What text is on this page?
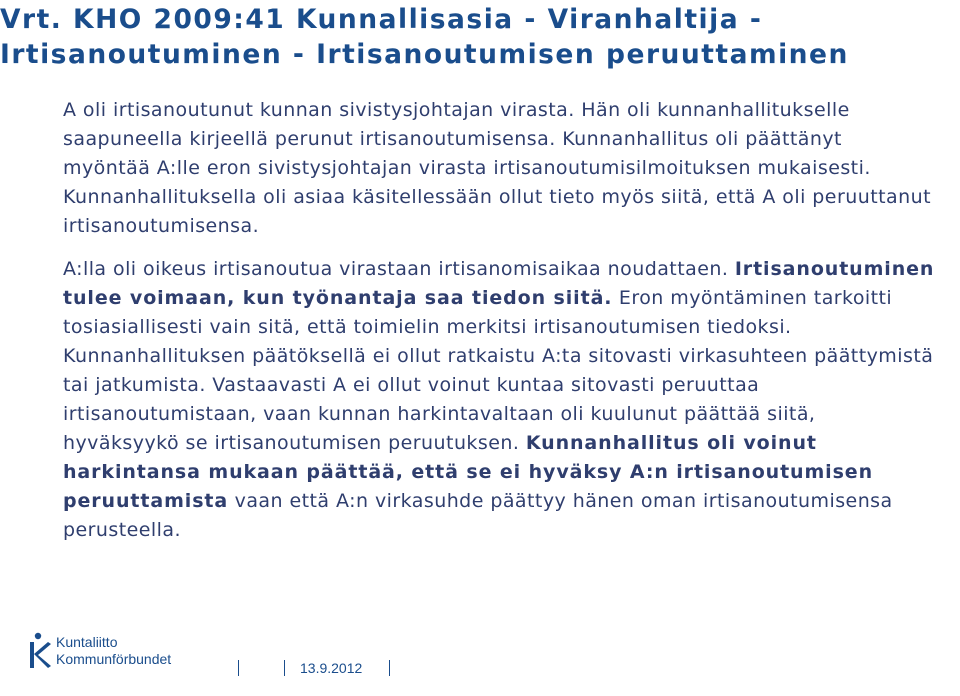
Vrt. KHO 2009:41 Kunnallisasia - Viranhaltija - Irtisanoutuminen - Irtisanoutumisen peruuttaminen

A oli irtisanoutunut kunnan sivistysjohtajan virasta. Hän oli kunnanhallitukselle saapuneella kirjeellä perunut irtisanoutumisensa. Kunnanhallitus oli päättänyt myöntää A:lle eron sivistysjohtajan virasta irtisanoutumisilmoituksen mukaisesti. Kunnanhallituksella oli asiaa käsitellessään ollut tieto myös siitä, että A oli peruuttanut irtisanoutumisensa.

A:lla oli oikeus irtisanoutua virastaan irtisanomisaikaa noudattaen. Irtisanoutuminen tulee voimaan, kun työnantaja saa tiedon siitä. Eron myöntäminen tarkoitti tosiasiallisesti vain sitä, että toimielin merkitsi irtisanoutumisen tiedoksi. Kunnanhallituksen päätöksellä ei ollut ratkaistu A:ta sitovasti virkasuhteen päättymistä tai jatkumista. Vastaavasti A ei ollut voinut kuntaa sitovasti peruuttaa irtisanoutumistaan, vaan kunnan harkintavaltaan oli kuulunut päättää siitä, hyväksyykö se irtisanoutumisen peruutuksen. Kunnanhallitus oli voinut harkintansa mukaan päättää, että se ei hyväksy A:n irtisanoutumisen peruuttamista vaan että A:n virkasuhde päättyy hänen oman irtisanoutumisensa perusteella.

Kuntaliitto
Kommunförbundet
13.9.2012
